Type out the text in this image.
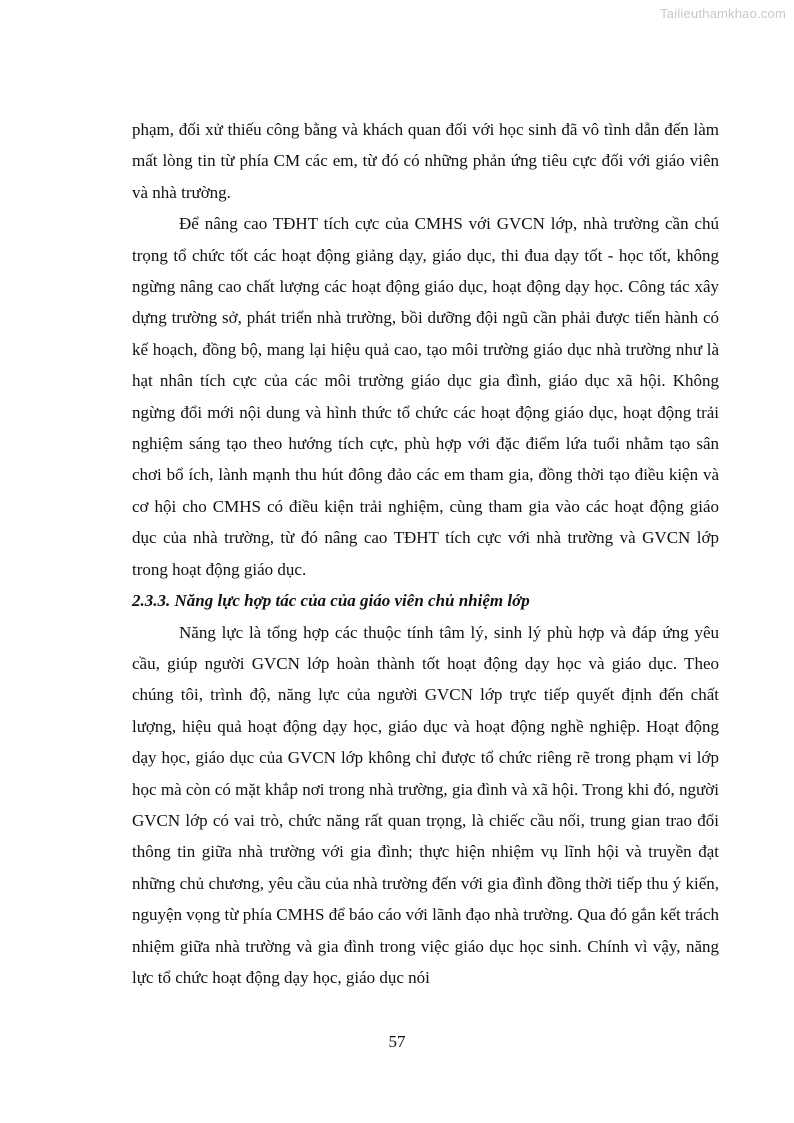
Tailieuthamkhao.com

phạm, đối xử thiếu công bằng và khách quan đối với học sinh đã vô tình dẫn đến làm mất lòng tin từ phía CM các em, từ đó có những phản ứng tiêu cực đối với giáo viên và nhà trường.

Để nâng cao TĐHT tích cực của CMHS với GVCN lớp, nhà trường cần chú trọng tổ chức tốt các hoạt động giảng dạy, giáo dục, thi đua dạy tốt - học tốt, không ngừng nâng cao chất lượng các hoạt động giáo dục, hoạt động dạy học. Công tác xây dựng trường sở, phát triển nhà trường, bồi dưỡng đội ngũ cần phải được tiến hành có kế hoạch, đồng bộ, mang lại hiệu quả cao, tạo môi trường giáo dục nhà trường như là hạt nhân tích cực của các môi trường giáo dục gia đình, giáo dục xã hội. Không ngừng đổi mới nội dung và hình thức tổ chức các hoạt động giáo dục, hoạt động trải nghiệm sáng tạo theo hướng tích cực, phù hợp với đặc điểm lứa tuổi nhằm tạo sân chơi bổ ích, lành mạnh thu hút đông đảo các em tham gia, đồng thời tạo điều kiện và cơ hội cho CMHS có điều kiện trải nghiệm, cùng tham gia vào các hoạt động giáo dục của nhà trường, từ đó nâng cao TĐHT tích cực với nhà trường và GVCN lớp trong hoạt động giáo dục.

2.3.3. Năng lực hợp tác của của giáo viên chủ nhiệm lớp

Năng lực là tổng hợp các thuộc tính tâm lý, sinh lý phù hợp và đáp ứng yêu cầu, giúp người GVCN lớp hoàn thành tốt hoạt động dạy học và giáo dục. Theo chúng tôi, trình độ, năng lực của người GVCN lớp trực tiếp quyết định đến chất lượng, hiệu quả hoạt động dạy học, giáo dục và hoạt động nghề nghiệp. Hoạt động dạy học, giáo dục của GVCN lớp không chỉ được tổ chức riêng rẽ trong phạm vi lớp học mà còn có mặt khắp nơi trong nhà trường, gia đình và xã hội. Trong khi đó, người GVCN lớp có vai trò, chức năng rất quan trọng, là chiếc cầu nối, trung gian trao đổi thông tin giữa nhà trường với gia đình; thực hiện nhiệm vụ lĩnh hội và truyền đạt những chủ chương, yêu cầu của nhà trường đến với gia đình đồng thời tiếp thu ý kiến, nguyện vọng từ phía CMHS để báo cáo với lãnh đạo nhà trường. Qua đó gắn kết trách nhiệm giữa nhà trường và gia đình trong việc giáo dục học sinh. Chính vì vậy, năng lực tổ chức hoạt động dạy học, giáo dục nói

57
